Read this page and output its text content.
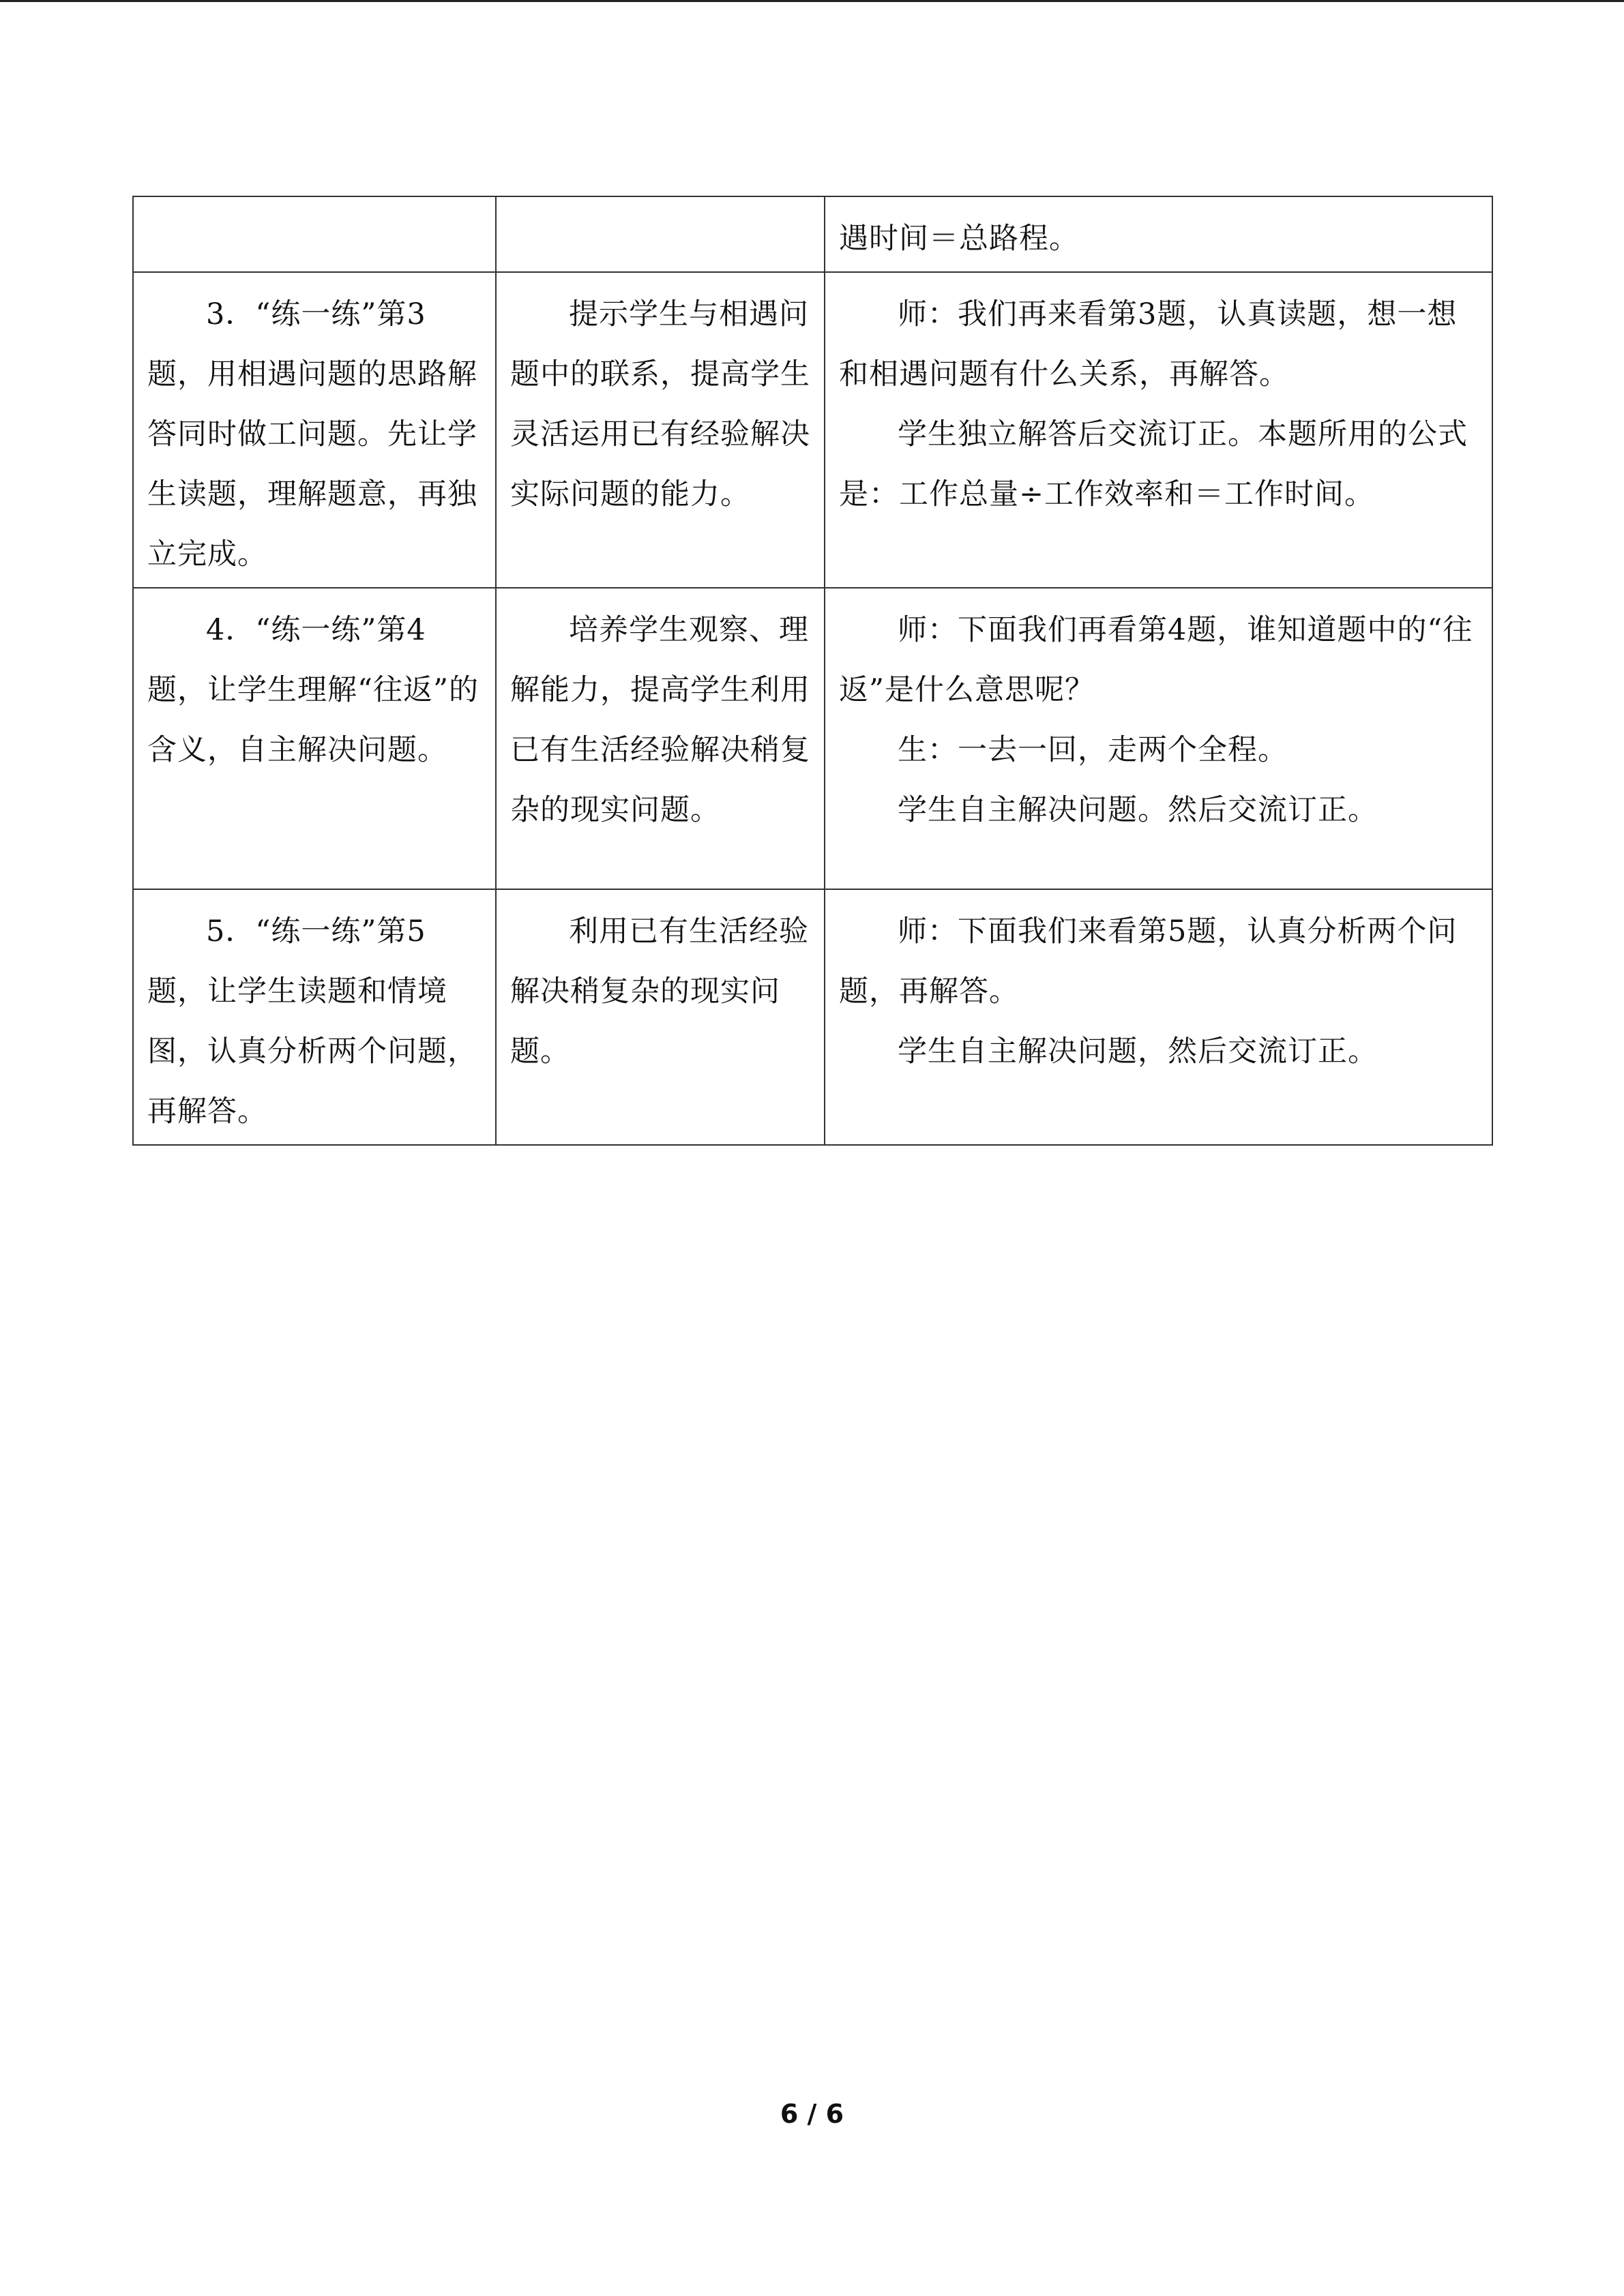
		遇时间＝总路程。

3．“练一练”第3题，用相遇问题的思路解答同时做工问题。先让学生读题，理解题意，再独立完成。	提示学生与相遇问题中的联系，提高学生灵活运用已有经验解决实际问题的能力。	师：我们再来看第3题，认真读题，想一想和相遇问题有什么关系，再解答。

学生独立解答后交流订正。本题所用的公式是：工作总量÷工作效率和＝工作时间。

4．“练一练”第4题，让学生理解“往返”的含义，自主解决问题。	培养学生观察、理解能力，提高学生利用已有生活经验解决稍复杂的现实问题。	师：下面我们再看第4题，谁知道题中的“往返”是什么意思呢？

生：一去一回，走两个全程。

学生自主解决问题。然后交流订正。

5．“练一练”第5题，让学生读题和情境图，认真分析两个问题，再解答。	利用已有生活经验解决稍复杂的现实问题。	师：下面我们来看第5题，认真分析两个问题，再解答。

学生自主解决问题，然后交流订正。

6 / 6
